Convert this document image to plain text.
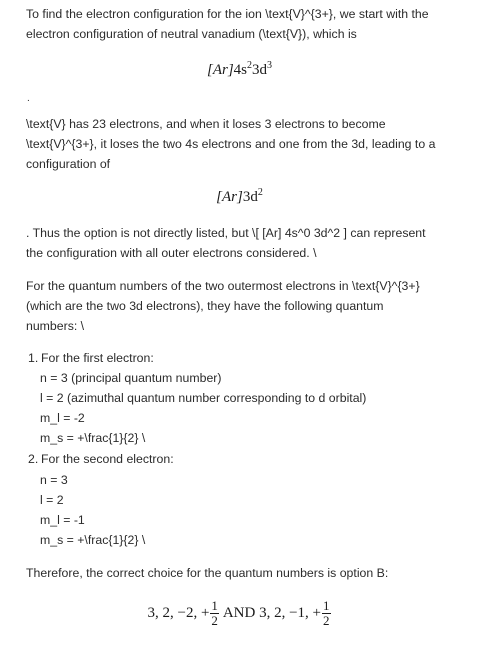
To find the electron configuration for the ion \text{V}^{3+}, we start with the

electron configuration of neutral vanadium (\text{V}), which is

$[Ar]4s^23d^3$
.

\text{V} has 23 electrons, and when it loses 3 electrons to become

\text{V}^{3+}, it loses the two 4s electrons and one from the 3d, leading to a

configuration of

$[Ar]3d^2$

. Thus the option is not directly listed, but \[ [Ar] 4s^0 3d^2 ] can represent

the configuration with all outer electrons considered. \

For the quantum numbers of the two outermost electrons in \text{V}^{3+}

(which are the two 3d electrons), they have the following quantum

numbers: \

1. For the first electron:
n = 3 (principal quantum number)
l = 2 (azimuthal quantum number corresponding to d orbital)
m_l = -2
m_s = +\frac{1}{2} \
2. For the second electron:
n = 3
l = 2
m_l = -1
m_s = +\frac{1}{2} \

Therefore, the correct choice for the quantum numbers is option B:

3, 2, −2, + $\frac{1}{2}$ AND 3, 2, −1, + $\frac{1}{2}$
